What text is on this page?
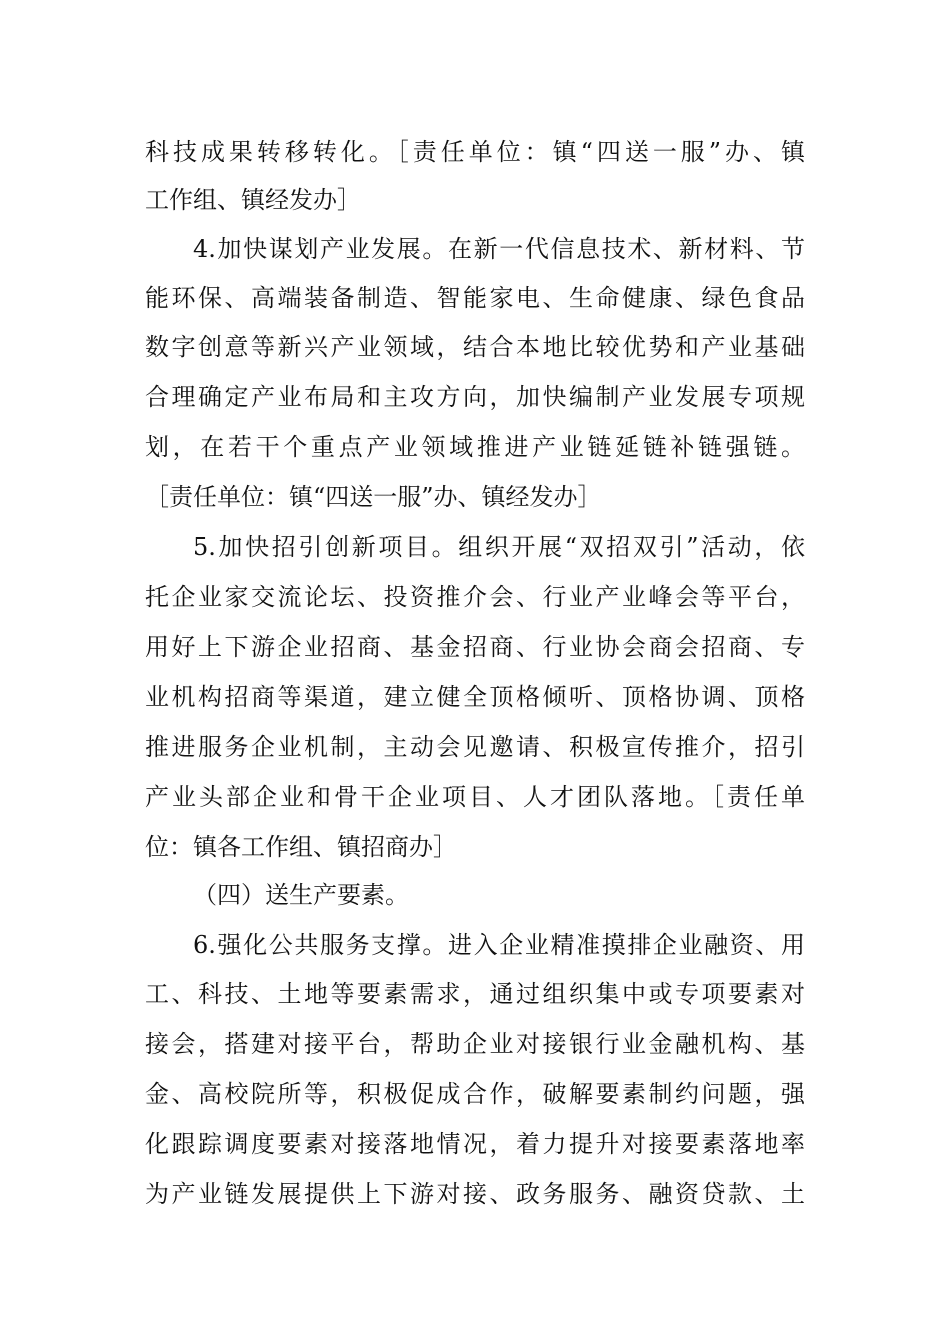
科技成果转移转化。［责任单位：镇“四送一服”办、镇
工作组、镇经发办］
4.加快谋划产业发展。在新一代信息技术、新材料、节
能环保、高端装备制造、智能家电、生命健康、绿色食品
数字创意等新兴产业领域，结合本地比较优势和产业基础
合理确定产业布局和主攻方向，加快编制产业发展专项规
划，在若干个重点产业领域推进产业链延链补链强链。
［责任单位：镇“四送一服”办、镇经发办］
5.加快招引创新项目。组织开展“双招双引”活动，依
托企业家交流论坛、投资推介会、行业产业峰会等平台，
用好上下游企业招商、基金招商、行业协会商会招商、专
业机构招商等渠道，建立健全顶格倾听、顶格协调、顶格
推进服务企业机制，主动会见邀请、积极宣传推介，招引
产业头部企业和骨干企业项目、人才团队落地。［责任单
位：镇各工作组、镇招商办］
（四）送生产要素。
6.强化公共服务支撑。进入企业精准摸排企业融资、用
工、科技、土地等要素需求，通过组织集中或专项要素对
接会，搭建对接平台，帮助企业对接银行业金融机构、基
金、高校院所等，积极促成合作，破解要素制约问题，强
化跟踪调度要素对接落地情况，着力提升对接要素落地率
为产业链发展提供上下游对接、政务服务、融资贷款、土
